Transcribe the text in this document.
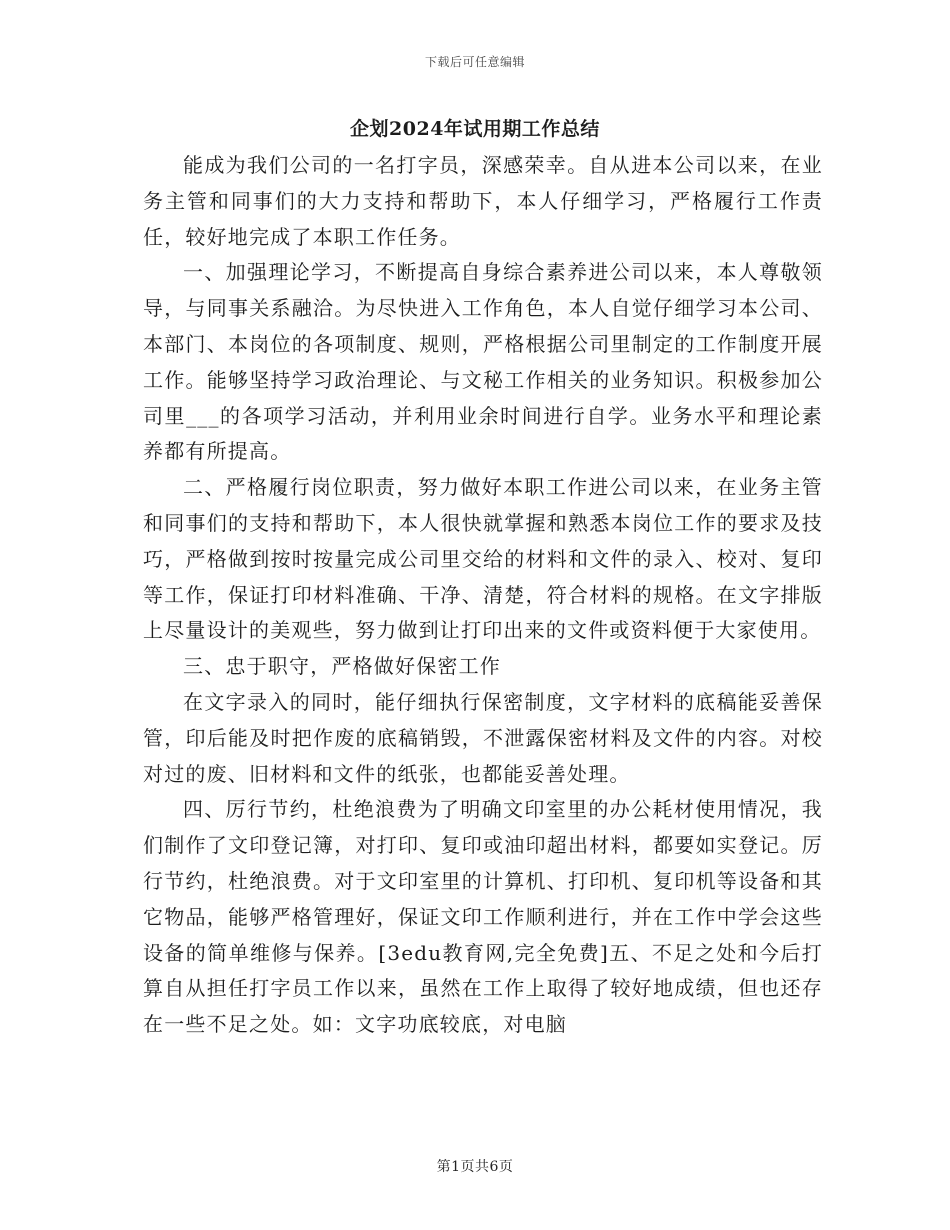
下载后可任意编辑
企划2024年试用期工作总结

能成为我们公司的一名打字员，深感荣幸。自从进本公司以来，在业务主管和同事们的大力支持和帮助下，本人仔细学习，严格履行工作责任，较好地完成了本职工作任务。

一、加强理论学习，不断提高自身综合素养进公司以来，本人尊敬领导，与同事关系融洽。为尽快进入工作角色，本人自觉仔细学习本公司、本部门、本岗位的各项制度、规则，严格根据公司里制定的工作制度开展工作。能够坚持学习政治理论、与文秘工作相关的业务知识。积极参加公司里___的各项学习活动，并利用业余时间进行自学。业务水平和理论素养都有所提高。

二、严格履行岗位职责，努力做好本职工作进公司以来，在业务主管和同事们的支持和帮助下，本人很快就掌握和熟悉本岗位工作的要求及技巧，严格做到按时按量完成公司里交给的材料和文件的录入、校对、复印等工作，保证打印材料准确、干净、清楚，符合材料的规格。在文字排版上尽量设计的美观些，努力做到让打印出来的文件或资料便于大家使用。

三、忠于职守，严格做好保密工作

在文字录入的同时，能仔细执行保密制度，文字材料的底稿能妥善保管，印后能及时把作废的底稿销毁，不泄露保密材料及文件的内容。对校对过的废、旧材料和文件的纸张，也都能妥善处理。

四、厉行节约，杜绝浪费为了明确文印室里的办公耗材使用情况，我们制作了文印登记簿，对打印、复印或油印超出材料，都要如实登记。厉行节约，杜绝浪费。对于文印室里的计算机、打印机、复印机等设备和其它物品，能够严格管理好，保证文印工作顺利进行，并在工作中学会这些设备的简单维修与保养。[3edu教育网,完全免费]五、不足之处和今后打算自从担任打字员工作以来，虽然在工作上取得了较好地成绩，但也还存在一些不足之处。如：文字功底较底，对电脑

第1页共6页
